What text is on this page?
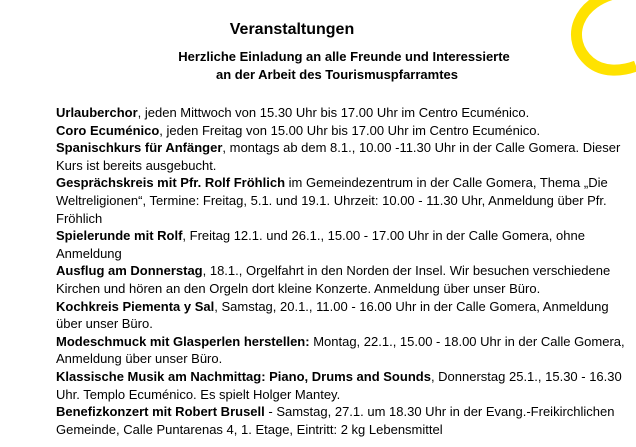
Veranstaltungen
Herzliche Einladung an alle Freunde und Interessierte
an der Arbeit des Tourismuspfarramtes

Urlauberchor, jeden Mittwoch von 15.30 Uhr bis 17.00 Uhr im Centro Ecuménico.

Coro Ecuménico, jeden Freitag von 15.00 Uhr bis 17.00 Uhr im Centro Ecuménico.

Spanischkurs für Anfänger, montags ab dem 8.1., 10.00 -11.30 Uhr in der Calle Gomera. Dieser Kurs ist bereits ausgebucht.

Gesprächskreis mit Pfr. Rolf Fröhlich im Gemeindezentrum in der Calle Gomera, Thema „Die Weltreligionen“, Termine: Freitag, 5.1. und 19.1. Uhrzeit: 10.00 - 11.30 Uhr, Anmeldung über Pfr. Fröhlich

Spielerunde mit Rolf, Freitag 12.1. und 26.1., 15.00 - 17.00 Uhr in der Calle Gomera, ohne Anmeldung

Ausflug am Donnerstag, 18.1., Orgelfahrt in den Norden der Insel. Wir besuchen verschiedene Kirchen und hören an den Orgeln dort kleine Konzerte. Anmeldung über unser Büro.

Kochkreis Piementa y Sal, Samstag, 20.1., 11.00 - 16.00 Uhr in der Calle Gomera, Anmeldung über unser Büro.

Modeschmuck mit Glasperlen herstellen: Montag, 22.1., 15.00 - 18.00 Uhr in der Calle Gomera, Anmeldung über unser Büro.

Klassische Musik am Nachmittag: Piano, Drums and Sounds, Donnerstag 25.1., 15.30 - 16.30 Uhr. Templo Ecuménico. Es spielt Holger Mantey.

Benefizkonzert mit Robert Brusell - Samstag, 27.1. um 18.30 Uhr in der Evang.-Freikirchlichen Gemeinde, Calle Puntarenas 4, 1. Etage, Eintritt: 2 kg Lebensmittel
